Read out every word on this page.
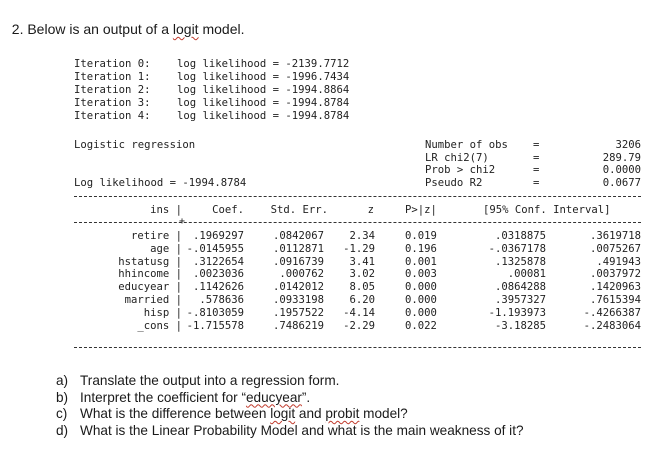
2. Below is an output of a logit model.

Iteration 0: log likelihood = -2139.7712
Iteration 1: log likelihood = -1996.7434
Iteration 2: log likelihood = -1994.8864
Iteration 3: log likelihood = -1994.8784
Iteration 4: log likelihood = -1994.8784
Logistic regression
Log likelihood = -1994.8784
Number of obs =	3206
LR chi2(7)	=	289.79
Prob > chi2	=	0.0000
Pseudo R2	=	0.0677
+
ins |	Coef.	Std. Err.	z	P>|z|	[95% Conf. Interval]
retire |	.1969297	.0842067	2.34	0.019	.0318875	.3619718
age | -.0145955	.0112871	-1.29	0.196	-.0367178	.0075267
hstatusg |	.3122654	.0916739	3.41	0.001	.1325878	.491943
hhincome |	.0023036	.000762	3.02	0.003	.00081	.0037972
educyear |	.1142626	.0142012	8.05	0.000	.0864288	.1420963
married |	.578636	.0933198	6.20	0.000	.3957327	.7615394
hisp | -.8103059	.1957522	-4.14	0.000	-1.193973	-.4266387
_cons | -1.715578	.7486219	-2.29	0.022	-3.18285	-.2483064
a) Translate the output into a regression form.
b) Interpret the coefficient for “educyear”.
c) What is the difference between logit and probit model?
d) What is the Linear Probability Model and what is the main weakness of it?
